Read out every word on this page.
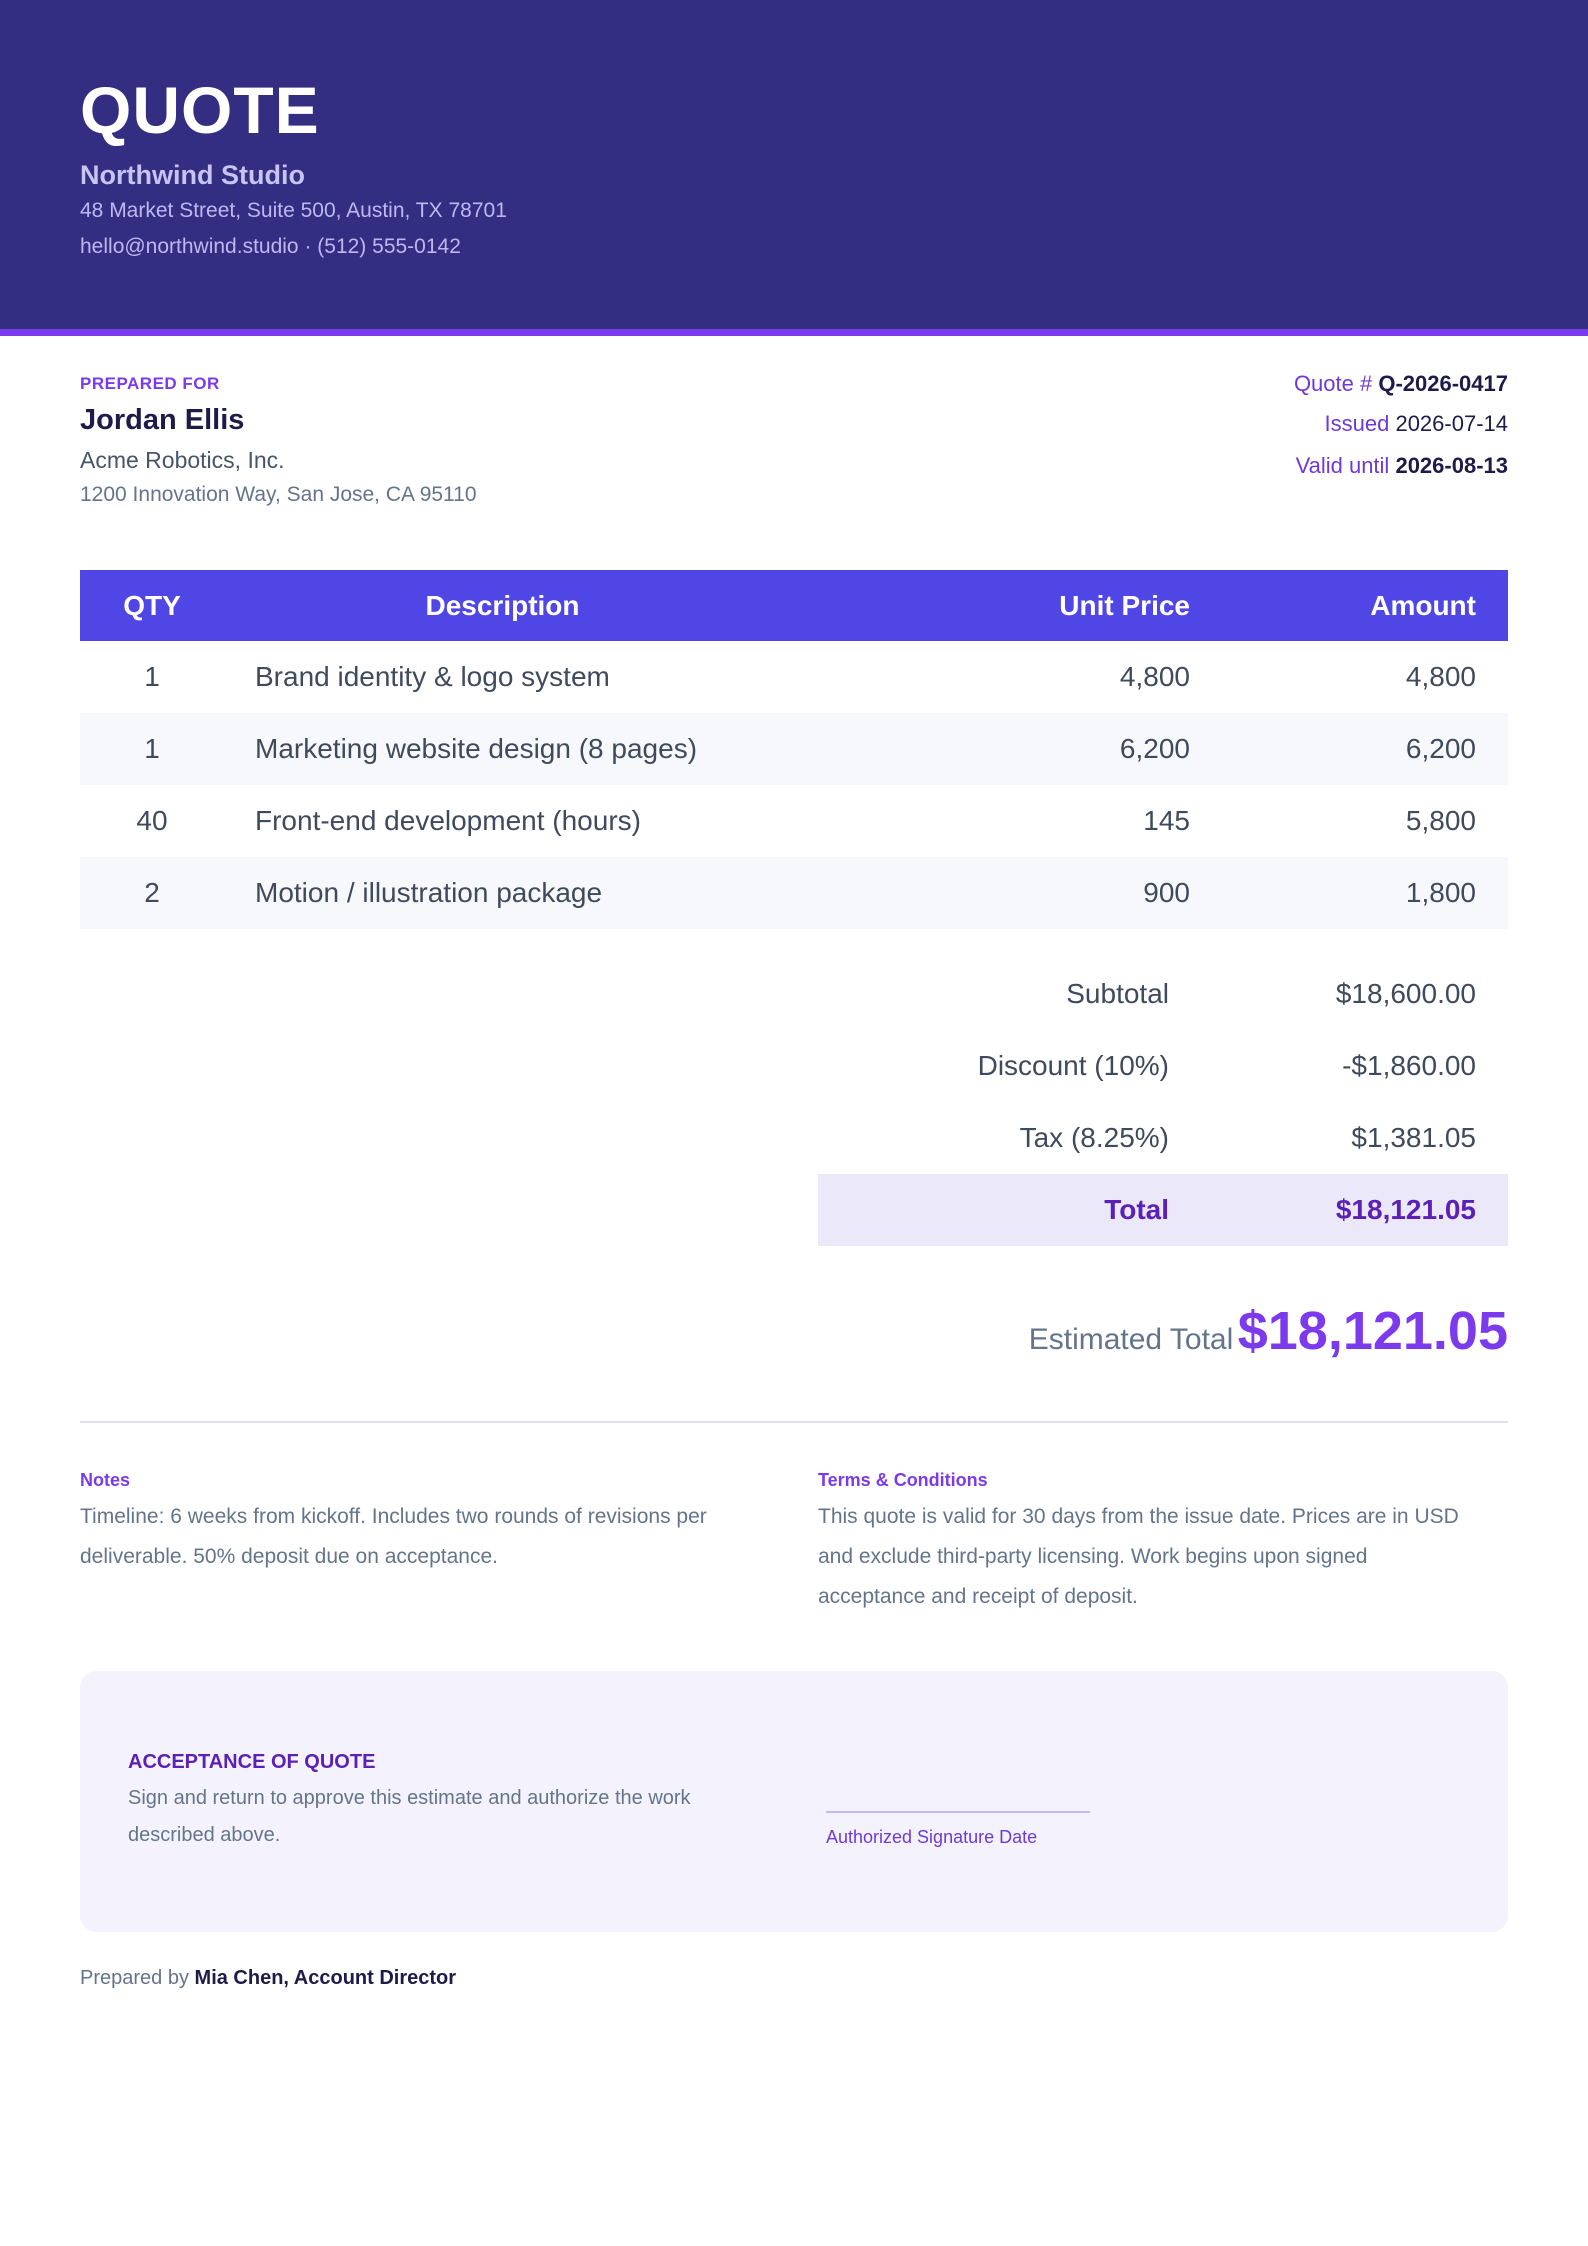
QUOTE
Northwind Studio
48 Market Street, Suite 500, Austin, TX 78701
hello@northwind.studio · (512) 555-0142
PREPARED FOR
Jordan Ellis
Acme Robotics, Inc.
1200 Innovation Way, San Jose, CA 95110
Quote # Q-2026-0417
Issued 2026-07-14
Valid until 2026-08-13
QTY	Description	Unit Price	Amount
1	Brand identity & logo system	4,800	4,800
1	Marketing website design (8 pages)	6,200	6,200
40	Front-end development (hours)	145	5,800
2	Motion / illustration package	900	1,800
Subtotal	$18,600.00
Discount (10%)	-$1,860.00
Tax (8.25%)	$1,381.05
Total	$18,121.05
Estimated Total $18,121.05
Notes
Timeline: 6 weeks from kickoff. Includes two rounds of revisions per
deliverable. 50% deposit due on acceptance.
Terms & Conditions
This quote is valid for 30 days from the issue date. Prices are in USD
and exclude third-party licensing. Work begins upon signed
acceptance and receipt of deposit.
ACCEPTANCE OF QUOTE
Sign and return to approve this estimate and authorize the work
described above.	Authorized Signature Date
Prepared by Mia Chen, Account Director
